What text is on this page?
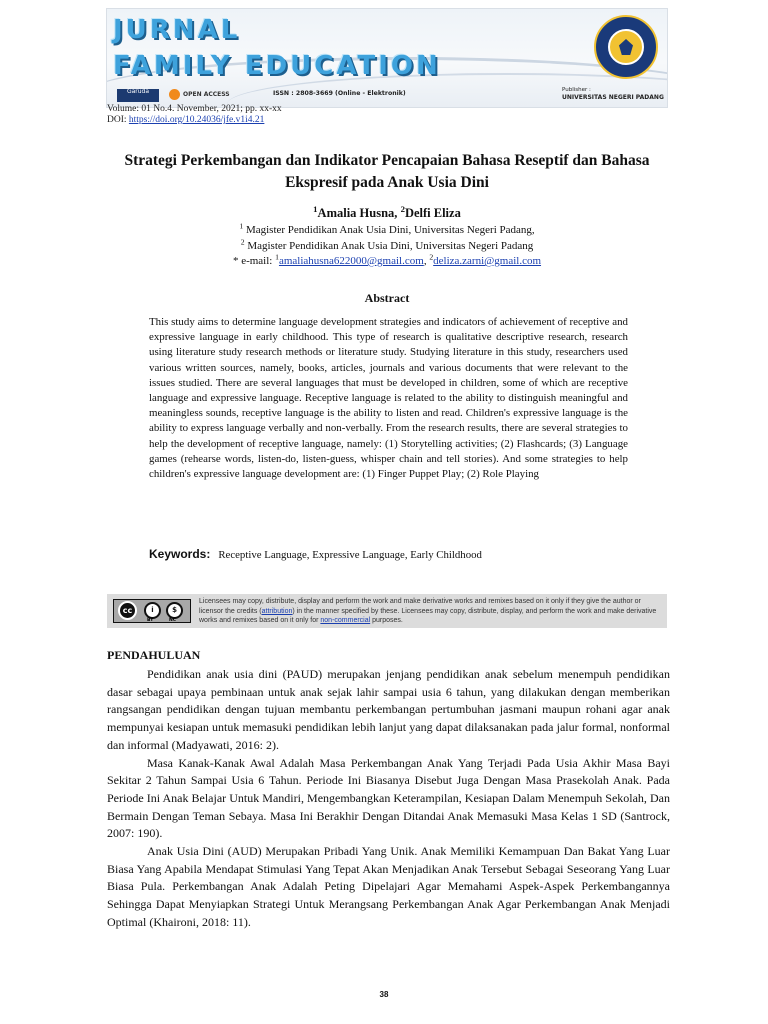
JURNAL
FAMILY EDUCATION
Garuda	OPEN ACCESS	ISSN : 2808-3669 (Online - Elektronik)	Publisher :
UNIVERSITAS NEGERI PADANG
Volume: 01 No.4. November, 2021; pp. xx-xx
DOI: https://doi.org/10.24036/jfe.v1i4.21
Strategi Perkembangan dan Indikator Pencapaian Bahasa Reseptif dan Bahasa Ekspresif pada Anak Usia Dini
$^1$Amalia Husna, $^2$Delfi Eliza
$^1$ Magister Pendidikan Anak Usia Dini, Universitas Negeri Padang,
$^2$ Magister Pendidikan Anak Usia Dini, Universitas Negeri Padang
* e-mail: $^1$amaliahusna622000@gmail.com, $^2$deliza.zarni@gmail.com
Abstract
This study aims to determine language development strategies and indicators of achievement of receptive and expressive language in early childhood. This type of research is qualitative descriptive research, research using literature study research methods or literature study. Studying literature in this study, researchers used various written sources, namely, books, articles, journals and various documents that were relevant to the issues studied. There are several languages that must be developed in children, some of which are receptive language and expressive language. Receptive language is related to the ability to distinguish meaningful and meaningless sounds, receptive language is the ability to listen and read. Children's expressive language is the ability to express language verbally and non-verbally. From the research results, there are several strategies to help the development of receptive language, namely: (1) Storytelling activities; (2) Flashcards; (3) Language games (rehearse words, listen-do, listen-guess, whisper chain and tell stories). And some strategies to help children's expressive language development are: (1) Finger Puppet Play; (2) Role Playing
Keywords: Receptive Language, Expressive Language, Early Childhood
cc	i	$
BY	NC
Licensees may copy, distribute, display and perform the work and make derivative works and remixes based on it only if they give the author or licensor the credits (attribution) in the manner specified by these. Licensees may copy, distribute, display, and perform the work and make derivative works and remixes based on it only for non-commercial purposes.
PENDAHULUAN

Pendidikan anak usia dini (PAUD) merupakan jenjang pendidikan anak sebelum menempuh pendidikan dasar sebagai upaya pembinaan untuk anak sejak lahir sampai usia 6 tahun, yang dilakukan dengan memberikan rangsangan pendidikan dengan tujuan membantu perkembangan pertumbuhan jasmani maupun rohani agar anak mempunyai kesiapan untuk memasuki pendidikan lebih lanjut yang dapat dilaksanakan pada jalur formal, nonformal dan informal (Madyawati, 2016: 2).

Masa Kanak-Kanak Awal Adalah Masa Perkembangan Anak Yang Terjadi Pada Usia Akhir Masa Bayi Sekitar 2 Tahun Sampai Usia 6 Tahun. Periode Ini Biasanya Disebut Juga Dengan Masa Prasekolah Anak. Pada Periode Ini Anak Belajar Untuk Mandiri, Mengembangkan Keterampilan, Kesiapan Dalam Menempuh Sekolah, Dan Bermain Dengan Teman Sebaya. Masa Ini Berakhir Dengan Ditandai Anak Memasuki Masa Kelas 1 SD (Santrock, 2007: 190).

Anak Usia Dini (AUD) Merupakan Pribadi Yang Unik. Anak Memiliki Kemampuan Dan Bakat Yang Luar Biasa Yang Apabila Mendapat Stimulasi Yang Tepat Akan Menjadikan Anak Tersebut Sebagai Seseorang Yang Luar Biasa Pula. Perkembangan Anak Adalah Peting Dipelajari Agar Memahami Aspek-Aspek Perkembangannya Sehingga Dapat Menyiapkan Strategi Untuk Merangsang Perkembangan Anak Agar Perkembangan Anak Menjadi Optimal (Khaironi, 2018: 11).

38
